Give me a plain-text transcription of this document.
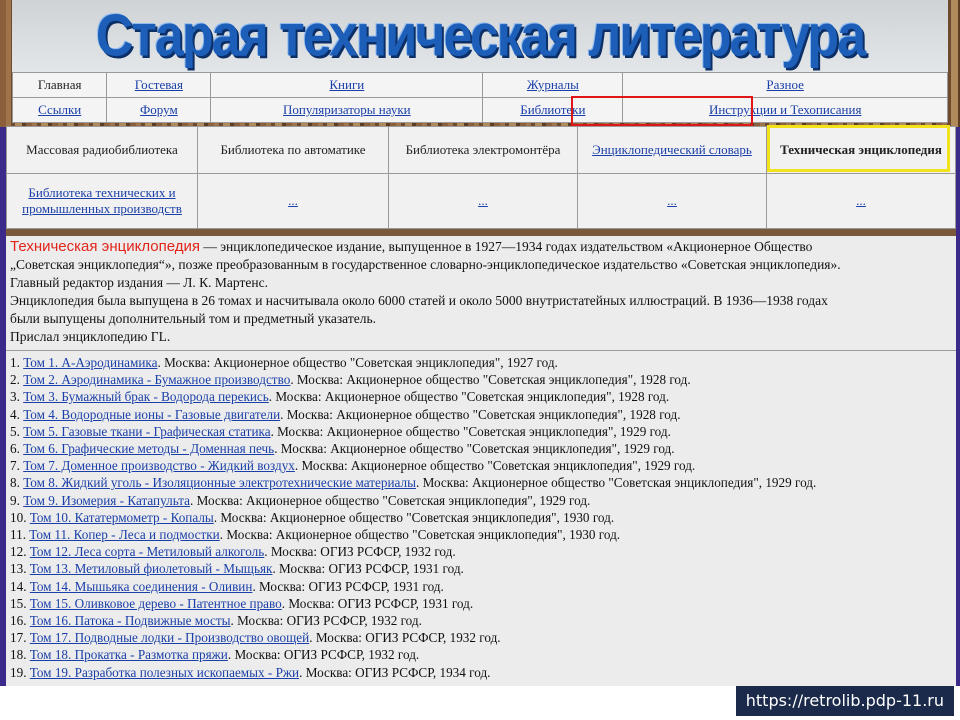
Старая техническая литература
Главная	Гостевая	Книги	Журналы	Разное
Ссылки	Форум	Популяризаторы науки	Библиотеки	Инструкции и Техописания
Массовая радиобиблиотека	Библиотека по автоматике	Библиотека электромонтёра	Энциклопедический словарь	Техническая энциклопедия
Библиотека технических и промышленных производств	...	...	...	...
Техническая энциклопедия — энциклопедическое издание, выпущенное в 1927—1934 годах издательством «Акционерное Общество
„Советская энциклопедия“», позже преобразованным в государственное словарно-энциклопедическое издательство «Советская энциклопедия».
Главный редактор издания — Л. К. Мартенс.
Энциклопедия была выпущена в 26 томах и насчитывала около 6000 статей и около 5000 внутристатейных иллюстраций. В 1936—1938 годах
были выпущены дополнительный том и предметный указатель.
Прислал энциклопедию ГL.
1. Том 1. А-Аэродинамика. Москва: Акционерное общество "Советская энциклопедия", 1927 год.
2. Том 2. Аэродинамика - Бумажное производство. Москва: Акционерное общество "Советская энциклопедия", 1928 год.
3. Том 3. Бумажный брак - Водорода перекись. Москва: Акционерное общество "Советская энциклопедия", 1928 год.
4. Том 4. Водородные ионы - Газовые двигатели. Москва: Акционерное общество "Советская энциклопедия", 1928 год.
5. Том 5. Газовые ткани - Графическая статика. Москва: Акционерное общество "Советская энциклопедия", 1929 год.
6. Том 6. Графические методы - Доменная печь. Москва: Акционерное общество "Советская энциклопедия", 1929 год.
7. Том 7. Доменное производство - Жидкий воздух. Москва: Акционерное общество "Советская энциклопедия", 1929 год.
8. Том 8. Жидкий уголь - Изоляционные электротехнические материалы. Москва: Акционерное общество "Советская энциклопедия", 1929 год.
9. Том 9. Изомерия - Катапульта. Москва: Акционерное общество "Советская энциклопедия", 1929 год.
10. Том 10. Кататермометр - Копалы. Москва: Акционерное общество "Советская энциклопедия", 1930 год.
11. Том 11. Копер - Леса и подмостки. Москва: Акционерное общество "Советская энциклопедия", 1930 год.
12. Том 12. Леса сорта - Метиловый алкоголь. Москва: ОГИЗ РСФСР, 1932 год.
13. Том 13. Метиловый фиолетовый - Мыщьяк. Москва: ОГИЗ РСФСР, 1931 год.
14. Том 14. Мышьяка соединения - Оливин. Москва: ОГИЗ РСФСР, 1931 год.
15. Том 15. Оливковое дерево - Патентное право. Москва: ОГИЗ РСФСР, 1931 год.
16. Том 16. Патока - Подвижные мосты. Москва: ОГИЗ РСФСР, 1932 год.
17. Том 17. Подводные лодки - Производство овощей. Москва: ОГИЗ РСФСР, 1932 год.
18. Том 18. Прокатка - Размотка пряжи. Москва: ОГИЗ РСФСР, 1932 год.
19. Том 19. Разработка полезных ископаемых - Ржи. Москва: ОГИЗ РСФСР, 1934 год.
https://retrolib.pdp-11.ru
